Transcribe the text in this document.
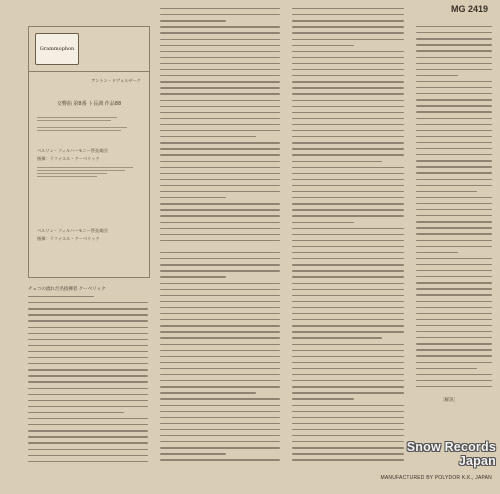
MG 2419
Grammophon
アントン・ドヴォルザーク
交響曲 第8番 ト長調 作品88
ベルリン・フィルハーモニー管弦楽団
指揮：ラファエル・クーベリック
ベルリン・フィルハーモニー管弦楽団
指揮：ラファエル・クーベリック
チェコの流れだ名指揮者 クーベリック
〔解説〕
Snow Records Japan
MANUFACTURED BY POLYDOR K.K., JAPAN
